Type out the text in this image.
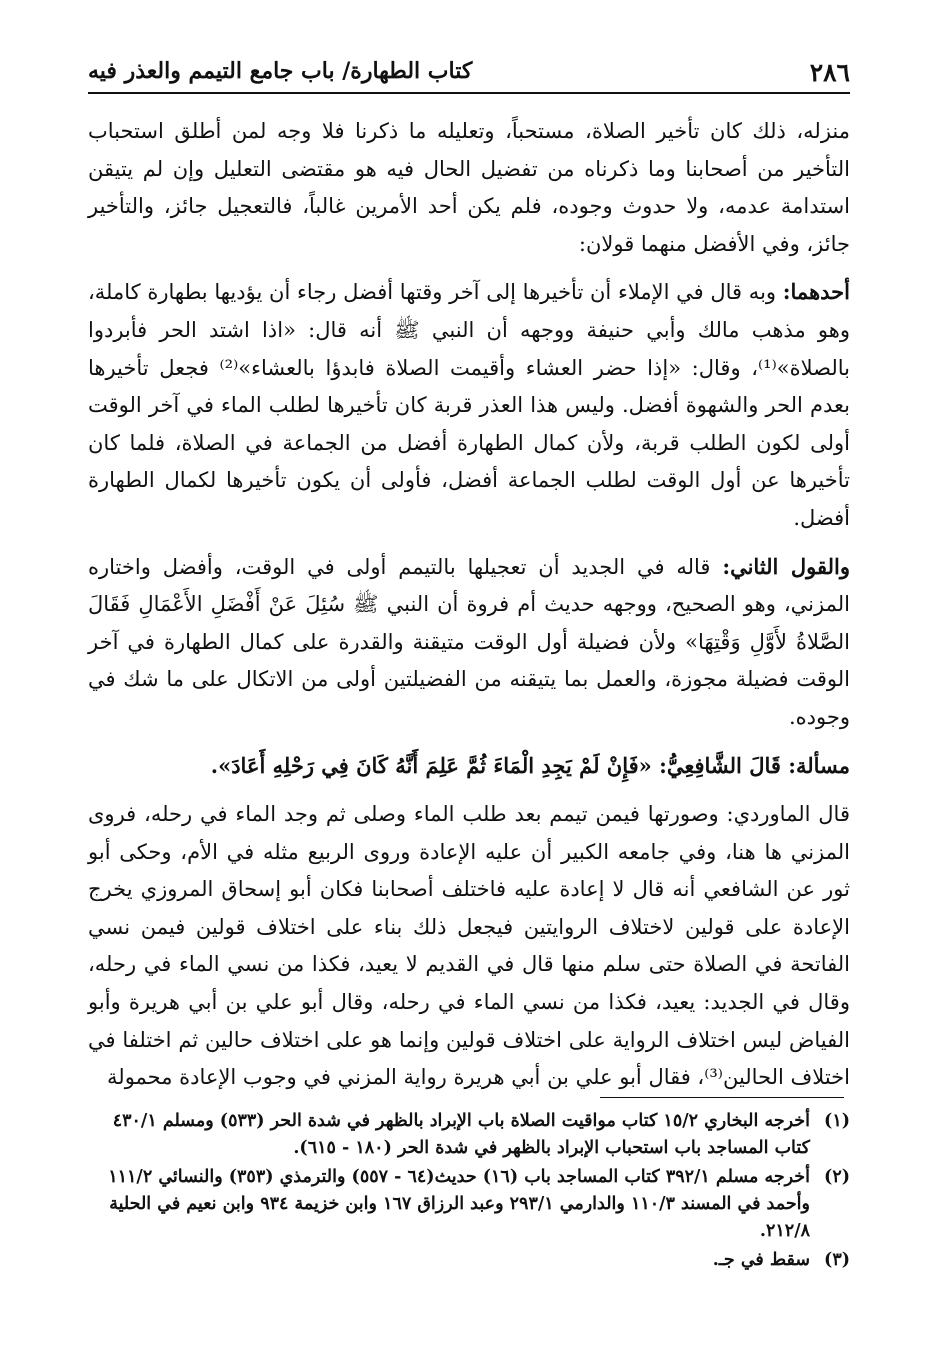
٢٨٦
كتاب الطهارة/ باب جامع التيمم والعذر فيه

منزله، ذلك كان تأخير الصلاة، مستحباً، وتعليله ما ذكرنا فلا وجه لمن أطلق استحباب التأخير من أصحابنا وما ذكرناه من تفضيل الحال فيه هو مقتضى التعليل وإن لم يتيقن استدامة عدمه، ولا حدوث وجوده، فلم يكن أحد الأمرين غالباً، فالتعجيل جائز، والتأخير جائز، وفي الأفضل منهما قولان:

أحدهما: وبه قال في الإملاء أن تأخيرها إلى آخر وقتها أفضل رجاء أن يؤديها بطهارة كاملة، وهو مذهب مالك وأبي حنيفة ووجهه أن النبي ﷺ أنه قال: «اذا اشتد الحر فأبردوا بالصلاة»⁽¹⁾، وقال: «إذا حضر العشاء وأقيمت الصلاة فابدؤا بالعشاء»⁽²⁾ فجعل تأخيرها بعدم الحر والشهوة أفضل. وليس هذا العذر قربة كان تأخيرها لطلب الماء في آخر الوقت أولى لكون الطلب قربة، ولأن كمال الطهارة أفضل من الجماعة في الصلاة، فلما كان تأخيرها عن أول الوقت لطلب الجماعة أفضل، فأولى أن يكون تأخيرها لكمال الطهارة أفضل.

والقول الثاني: قاله في الجديد أن تعجيلها بالتيمم أولى في الوقت، وأفضل واختاره المزني، وهو الصحيح، ووجهه حديث أم فروة أن النبي ﷺ سُئِلَ عَنْ أَفْضَلِ الأَعْمَالِ فَقَالَ الصَّلاةُ لأَوَّلِ وَقْتِهَا» ولأن فضيلة أول الوقت متيقنة والقدرة على كمال الطهارة في آخر الوقت فضيلة مجوزة، والعمل بما يتيقنه من الفضيلتين أولى من الاتكال على ما شك في وجوده.

مسألة: قَالَ الشَّافِعِيُّ: «فَإِنْ لَمْ يَجِدِ الْمَاءَ ثُمَّ عَلِمَ أَنَّهُ كَانَ فِي رَحْلِهِ أَعَادَ».

قال الماوردي: وصورتها فيمن تيمم بعد طلب الماء وصلى ثم وجد الماء في رحله، فروى المزني ها هنا، وفي جامعه الكبير أن عليه الإعادة وروى الربيع مثله في الأم، وحكى أبو ثور عن الشافعي أنه قال لا إعادة عليه فاختلف أصحابنا فكان أبو إسحاق المروزي يخرج الإعادة على قولين لاختلاف الروايتين فيجعل ذلك بناء على اختلاف قولين فيمن نسي الفاتحة في الصلاة حتى سلم منها قال في القديم لا يعيد، فكذا من نسي الماء في رحله، وقال في الجديد: يعيد، فكذا من نسي الماء في رحله، وقال أبو علي بن أبي هريرة وأبو الفياض ليس اختلاف الرواية على اختلاف قولين وإنما هو على اختلاف حالين ثم اختلفا في اختلاف الحالين⁽³⁾، فقال أبو علي بن أبي هريرة رواية المزني في وجوب الإعادة محمولة

(١)
أخرجه البخاري ١٥/٢ كتاب مواقيت الصلاة باب الإبراد بالظهر في شدة الحر (٥٣٣) ومسلم ٤٣٠/١ كتاب المساجد باب استحباب الإبراد بالظهر في شدة الحر (١٨٠ - ٦١٥).
(٢)
أخرجه مسلم ٣٩٢/١ كتاب المساجد باب (١٦) حديث(٦٤ - ٥٥٧) والترمذي (٣٥٣) والنسائي ١١١/٢ وأحمد في المسند ١١٠/٣ والدارمي ٢٩٣/١ وعبد الرزاق ١٦٧ وابن خزيمة ٩٣٤ وابن نعيم في الحلية ٢١٢/٨.
(٣)
سقط في جـ.
